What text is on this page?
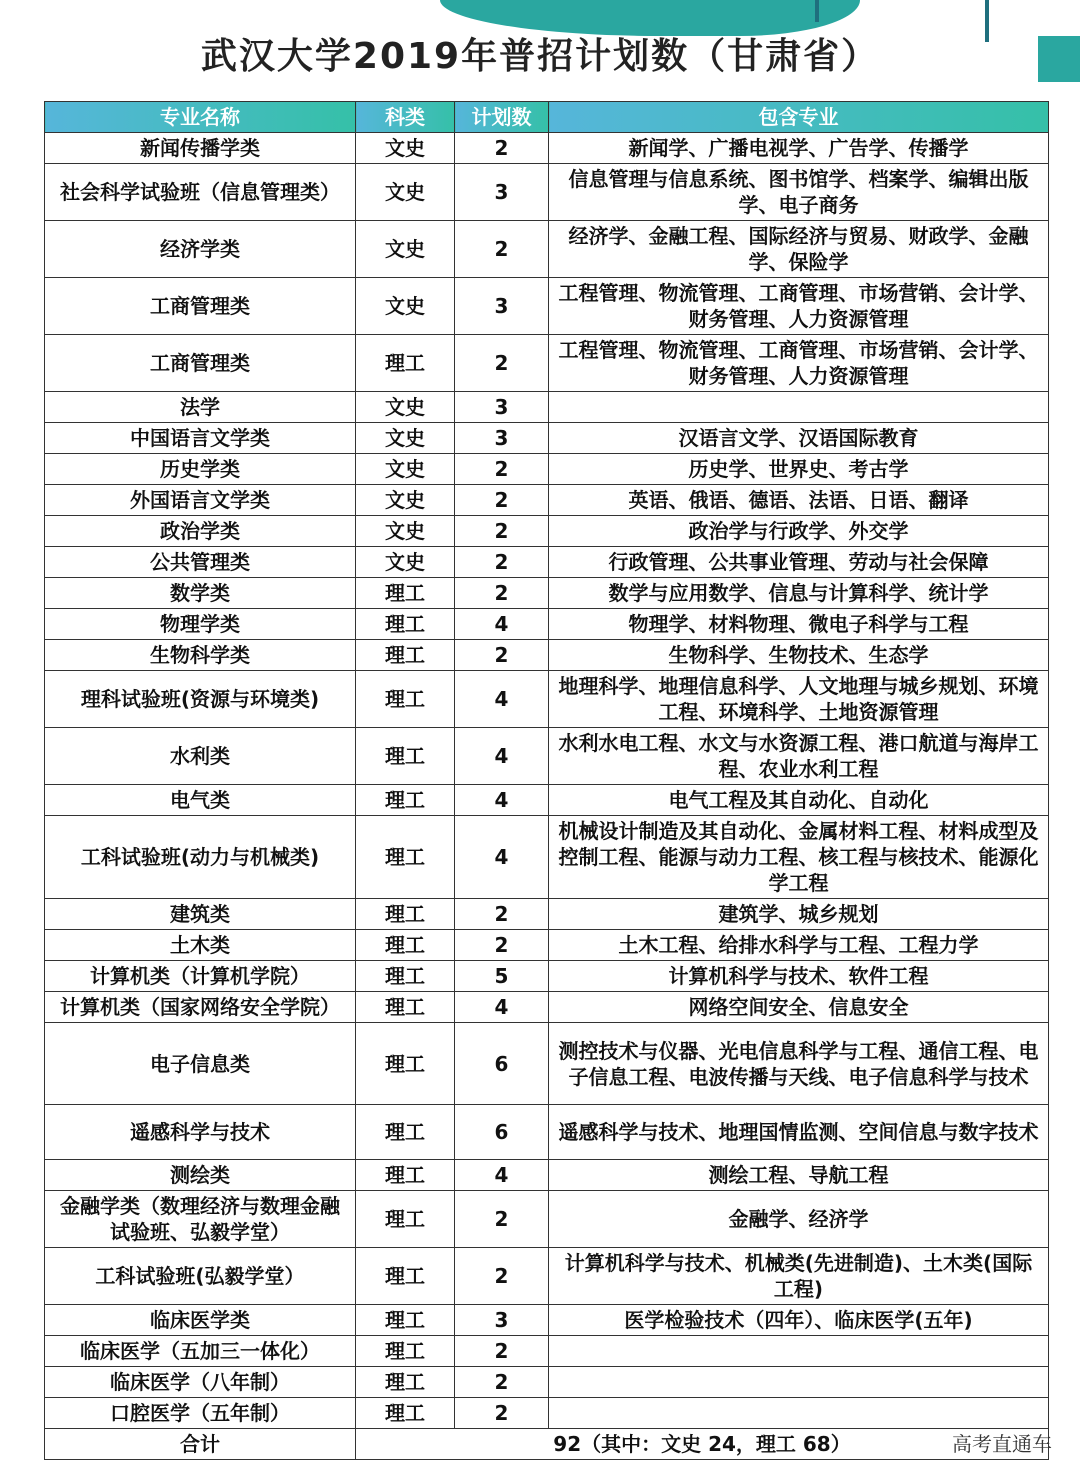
武汉大学2019年普招计划数（甘肃省）
专业名称	科类	计划数	包含专业
新闻传播学类	文史	2	新闻学、广播电视学、广告学、传播学
社会科学试验班（信息管理类）	文史	3	信息管理与信息系统、图书馆学、档案学、编辑出版学、电子商务
经济学类	文史	2	经济学、金融工程、国际经济与贸易、财政学、金融学、保险学
工商管理类	文史	3	工程管理、物流管理、工商管理、市场营销、会计学、财务管理、人力资源管理
工商管理类	理工	2	工程管理、物流管理、工商管理、市场营销、会计学、财务管理、人力资源管理
法学	文史	3	
中国语言文学类	文史	3	汉语言文学、汉语国际教育
历史学类	文史	2	历史学、世界史、考古学
外国语言文学类	文史	2	英语、俄语、德语、法语、日语、翻译
政治学类	文史	2	政治学与行政学、外交学
公共管理类	文史	2	行政管理、公共事业管理、劳动与社会保障
数学类	理工	2	数学与应用数学、信息与计算科学、统计学
物理学类	理工	4	物理学、材料物理、微电子科学与工程
生物科学类	理工	2	生物科学、生物技术、生态学
理科试验班(资源与环境类)	理工	4	地理科学、地理信息科学、人文地理与城乡规划、环境工程、环境科学、土地资源管理
水利类	理工	4	水利水电工程、水文与水资源工程、港口航道与海岸工程、农业水利工程
电气类	理工	4	电气工程及其自动化、自动化
工科试验班(动力与机械类)	理工	4	机械设计制造及其自动化、金属材料工程、材料成型及控制工程、能源与动力工程、核工程与核技术、能源化学工程
建筑类	理工	2	建筑学、城乡规划
土木类	理工	2	土木工程、给排水科学与工程、工程力学
计算机类（计算机学院）	理工	5	计算机科学与技术、软件工程
计算机类（国家网络安全学院）	理工	4	网络空间安全、信息安全
电子信息类	理工	6	测控技术与仪器、光电信息科学与工程、通信工程、电子信息工程、电波传播与天线、电子信息科学与技术
遥感科学与技术	理工	6	遥感科学与技术、地理国情监测、空间信息与数字技术
测绘类	理工	4	测绘工程、导航工程
金融学类（数理经济与数理金融试验班、弘毅学堂）	理工	2	金融学、经济学
工科试验班(弘毅学堂）	理工	2	计算机科学与技术、机械类(先进制造)、土木类(国际工程)
临床医学类	理工	3	医学检验技术（四年）、临床医学(五年)
临床医学（五加三一体化）	理工	2	
临床医学（八年制）	理工	2	
口腔医学（五年制）	理工	2	
合计	92（其中：文史 24，理工 68）			高考直通车
